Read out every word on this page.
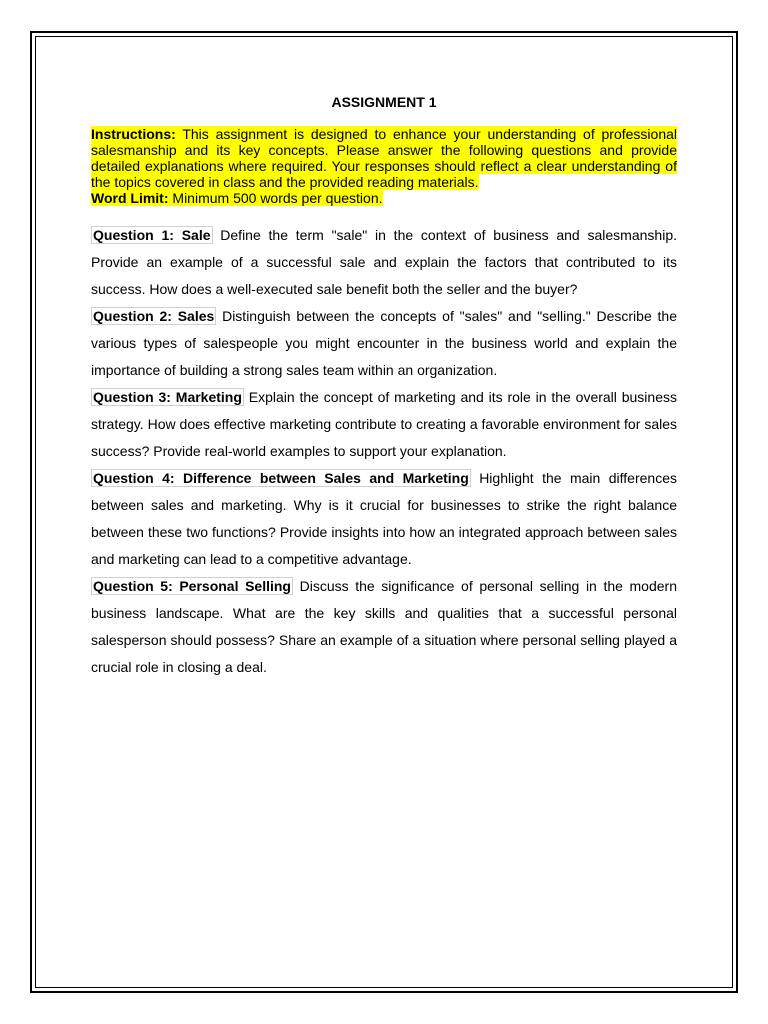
ASSIGNMENT 1

Instructions: This assignment is designed to enhance your understanding of professional salesmanship and its key concepts. Please answer the following questions and provide detailed explanations where required. Your responses should reflect a clear understanding of the topics covered in class and the provided reading materials.

Word Limit: Minimum 500 words per question.

Question 1: Sale Define the term "sale" in the context of business and salesmanship. Provide an example of a successful sale and explain the factors that contributed to its success. How does a well-executed sale benefit both the seller and the buyer?

Question 2: Sales Distinguish between the concepts of "sales" and "selling." Describe the various types of salespeople you might encounter in the business world and explain the importance of building a strong sales team within an organization.

Question 3: Marketing Explain the concept of marketing and its role in the overall business strategy. How does effective marketing contribute to creating a favorable environment for sales success? Provide real-world examples to support your explanation.

Question 4: Difference between Sales and Marketing Highlight the main differences between sales and marketing. Why is it crucial for businesses to strike the right balance between these two functions? Provide insights into how an integrated approach between sales and marketing can lead to a competitive advantage.

Question 5: Personal Selling Discuss the significance of personal selling in the modern business landscape. What are the key skills and qualities that a successful personal salesperson should possess? Share an example of a situation where personal selling played a crucial role in closing a deal.
